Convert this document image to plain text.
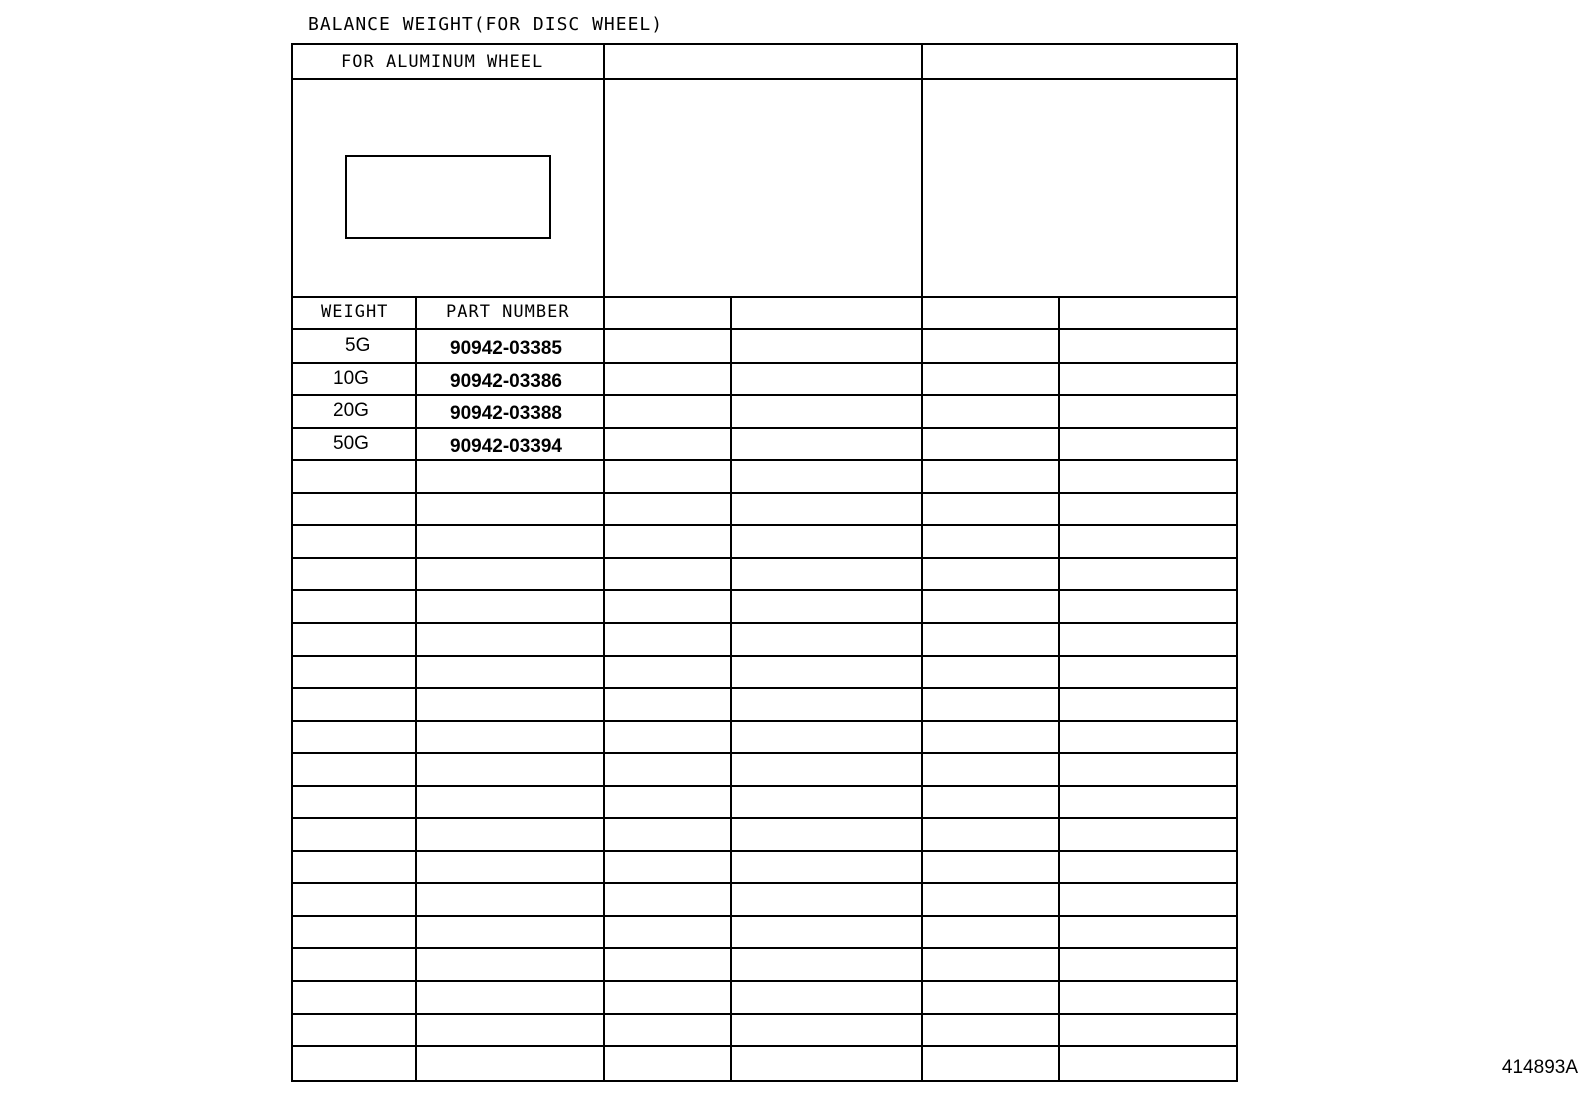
BALANCE WEIGHT(FOR DISC WHEEL)
FOR ALUMINUM WHEEL
WEIGHT	PART NUMBER
5G	90942-03385
10G	90942-03386
20G	90942-03388
50G	90942-03394
414893A
